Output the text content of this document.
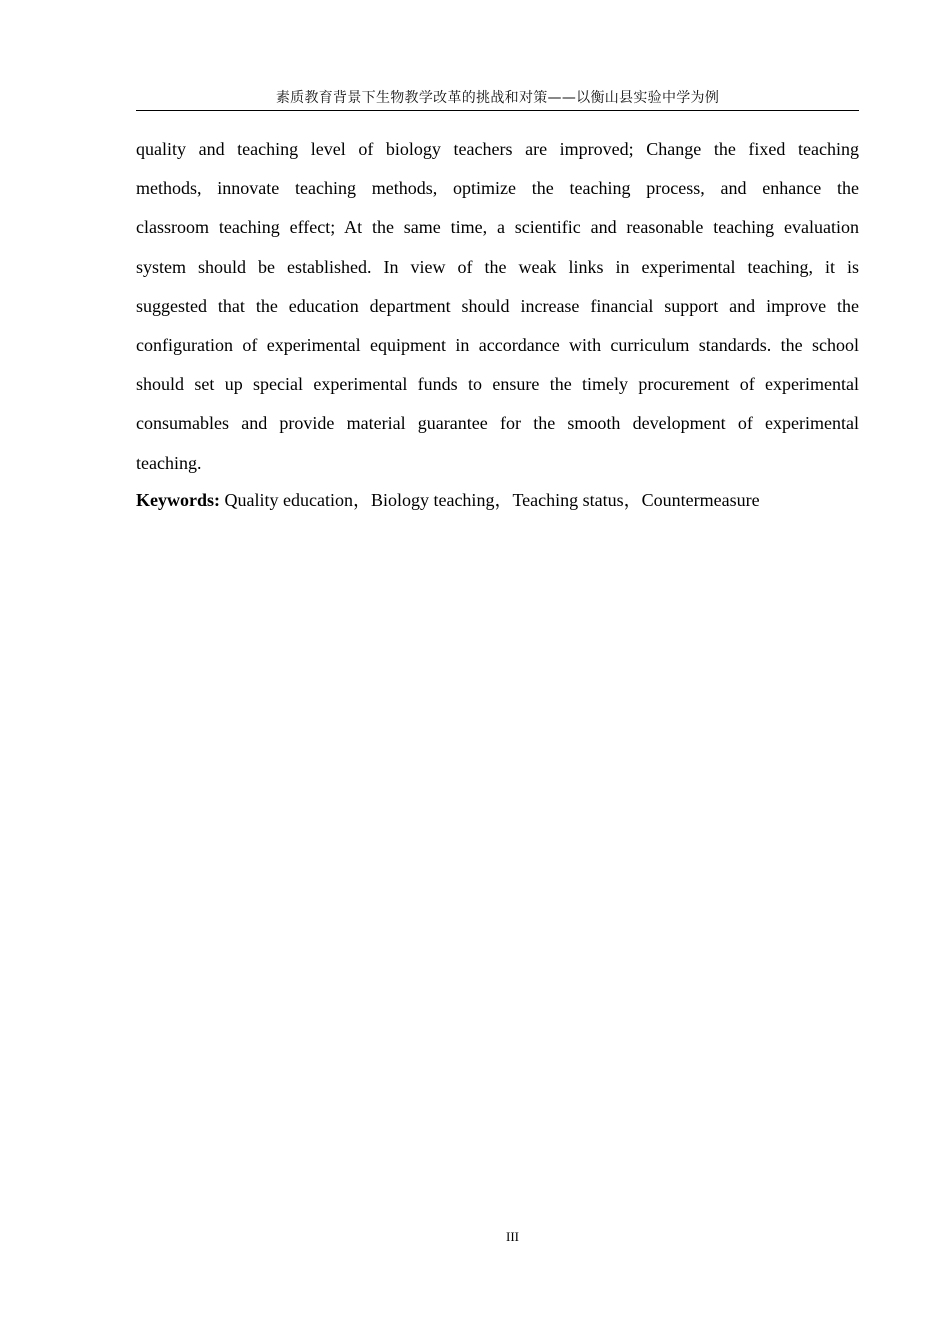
素质教育背景下生物教学改革的挑战和对策——以衡山县实验中学为例
quality and teaching level of biology teachers are improved; Change the fixed teaching
methods, innovate teaching methods, optimize the teaching process, and enhance the
classroom teaching effect; At the same time, a scientific and reasonable teaching evaluation
system should be established. In view of the weak links in experimental teaching, it is
suggested that the education department should increase financial support and improve the
configuration of experimental equipment in accordance with curriculum standards. the school
should set up special experimental funds to ensure the timely procurement of experimental
consumables and provide material guarantee for the smooth development of experimental
teaching.

Keywords: Quality education，Biology teaching，Teaching status，Countermeasure

III
